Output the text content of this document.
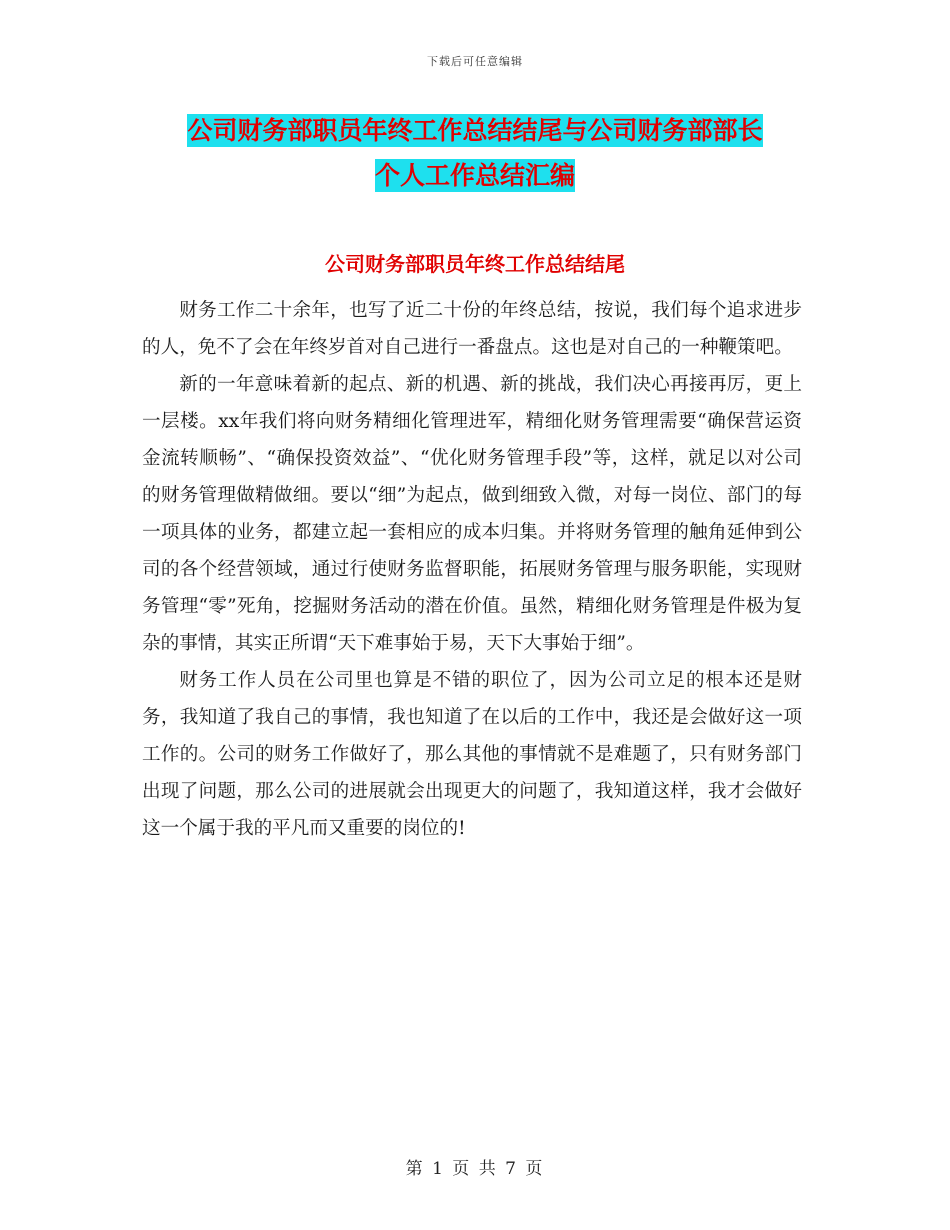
下载后可任意编辑
公司财务部职员年终工作总结结尾与公司财务部部长
个人工作总结汇编
公司财务部职员年终工作总结结尾

财务工作二十余年，也写了近二十份的年终总结，按说，我们每个追求进步的人，免不了会在年终岁首对自己进行一番盘点。这也是对自己的一种鞭策吧。

新的一年意味着新的起点、新的机遇、新的挑战，我们决心再接再厉，更上一层楼。xx年我们将向财务精细化管理进军，精细化财务管理需要“确保营运资金流转顺畅”、“确保投资效益”、“优化财务管理手段”等，这样，就足以对公司的财务管理做精做细。要以“细”为起点，做到细致入微，对每一岗位、部门的每一项具体的业务，都建立起一套相应的成本归集。并将财务管理的触角延伸到公司的各个经营领域，通过行使财务监督职能，拓展财务管理与服务职能，实现财务管理“零”死角，挖掘财务活动的潜在价值。虽然，精细化财务管理是件极为复杂的事情，其实正所谓“天下难事始于易，天下大事始于细”。

财务工作人员在公司里也算是不错的职位了，因为公司立足的根本还是财务，我知道了我自己的事情，我也知道了在以后的工作中，我还是会做好这一项工作的。公司的财务工作做好了，那么其他的事情就不是难题了，只有财务部门出现了问题，那么公司的进展就会出现更大的问题了，我知道这样，我才会做好这一个属于我的平凡而又重要的岗位的!

第 1 页 共 7 页
